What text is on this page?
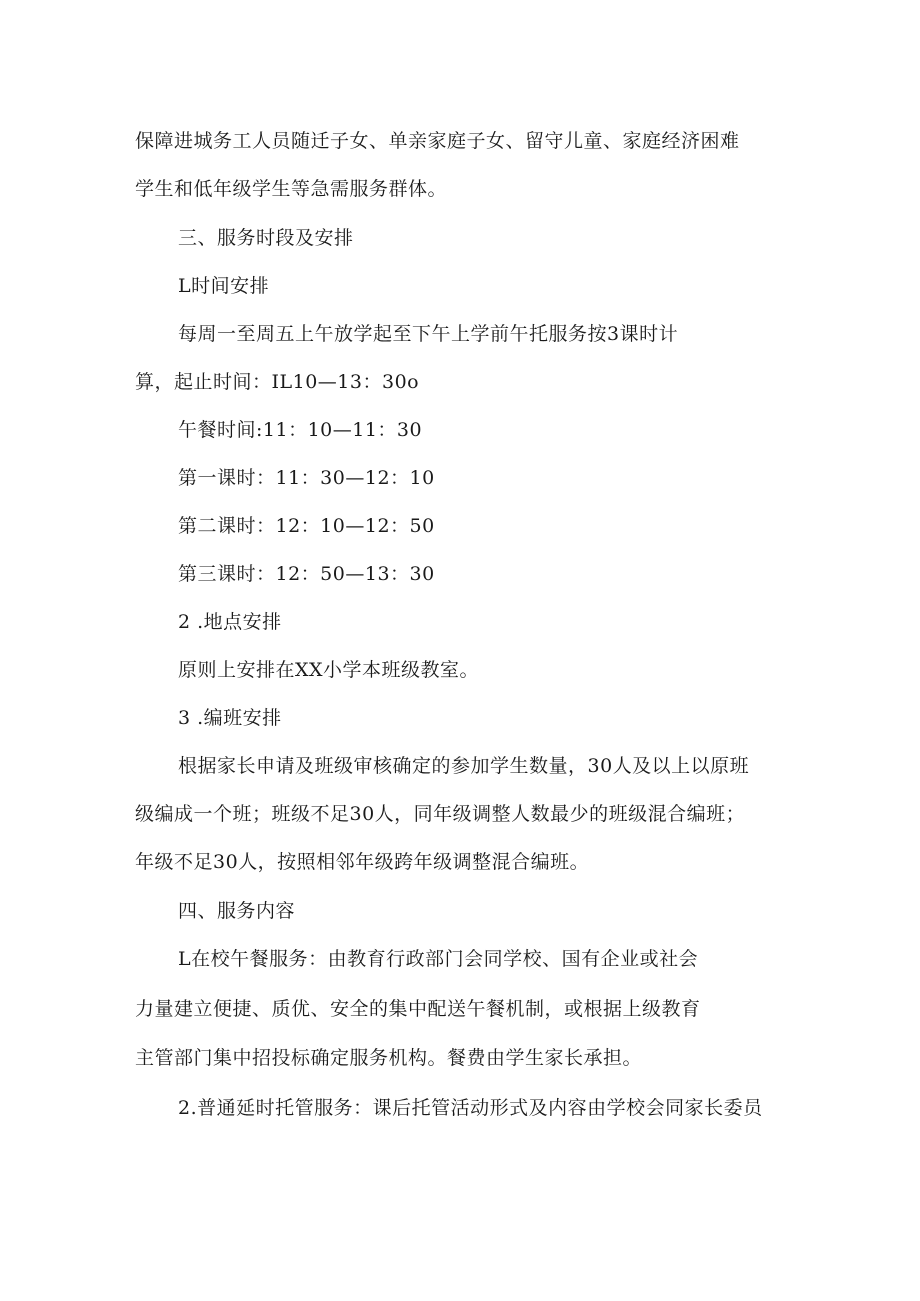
保障进城务工人员随迁子女、单亲家庭子女、留守儿童、家庭经济困难
学生和低年级学生等急需服务群体。
三、服务时段及安排
L时间安排
每周一至周五上午放学起至下午上学前午托服务按3课时计
算，起止时间：IL10—13：30o
午餐时间:11：10—11：30
第一课时：11：30—12：10
第二课时：12：10—12：50
第三课时：12：50—13：30
2 .地点安排
原则上安排在XX小学本班级教室。
3 .编班安排
根据家长申请及班级审核确定的参加学生数量，30人及以上以原班
级编成一个班；班级不足30人，同年级调整人数最少的班级混合编班；
年级不足30人，按照相邻年级跨年级调整混合编班。
四、服务内容
L在校午餐服务：由教育行政部门会同学校、国有企业或社会
力量建立便捷、质优、安全的集中配送午餐机制，或根据上级教育
主管部门集中招投标确定服务机构。餐费由学生家长承担。
2.普通延时托管服务：课后托管活动形式及内容由学校会同家长委员
